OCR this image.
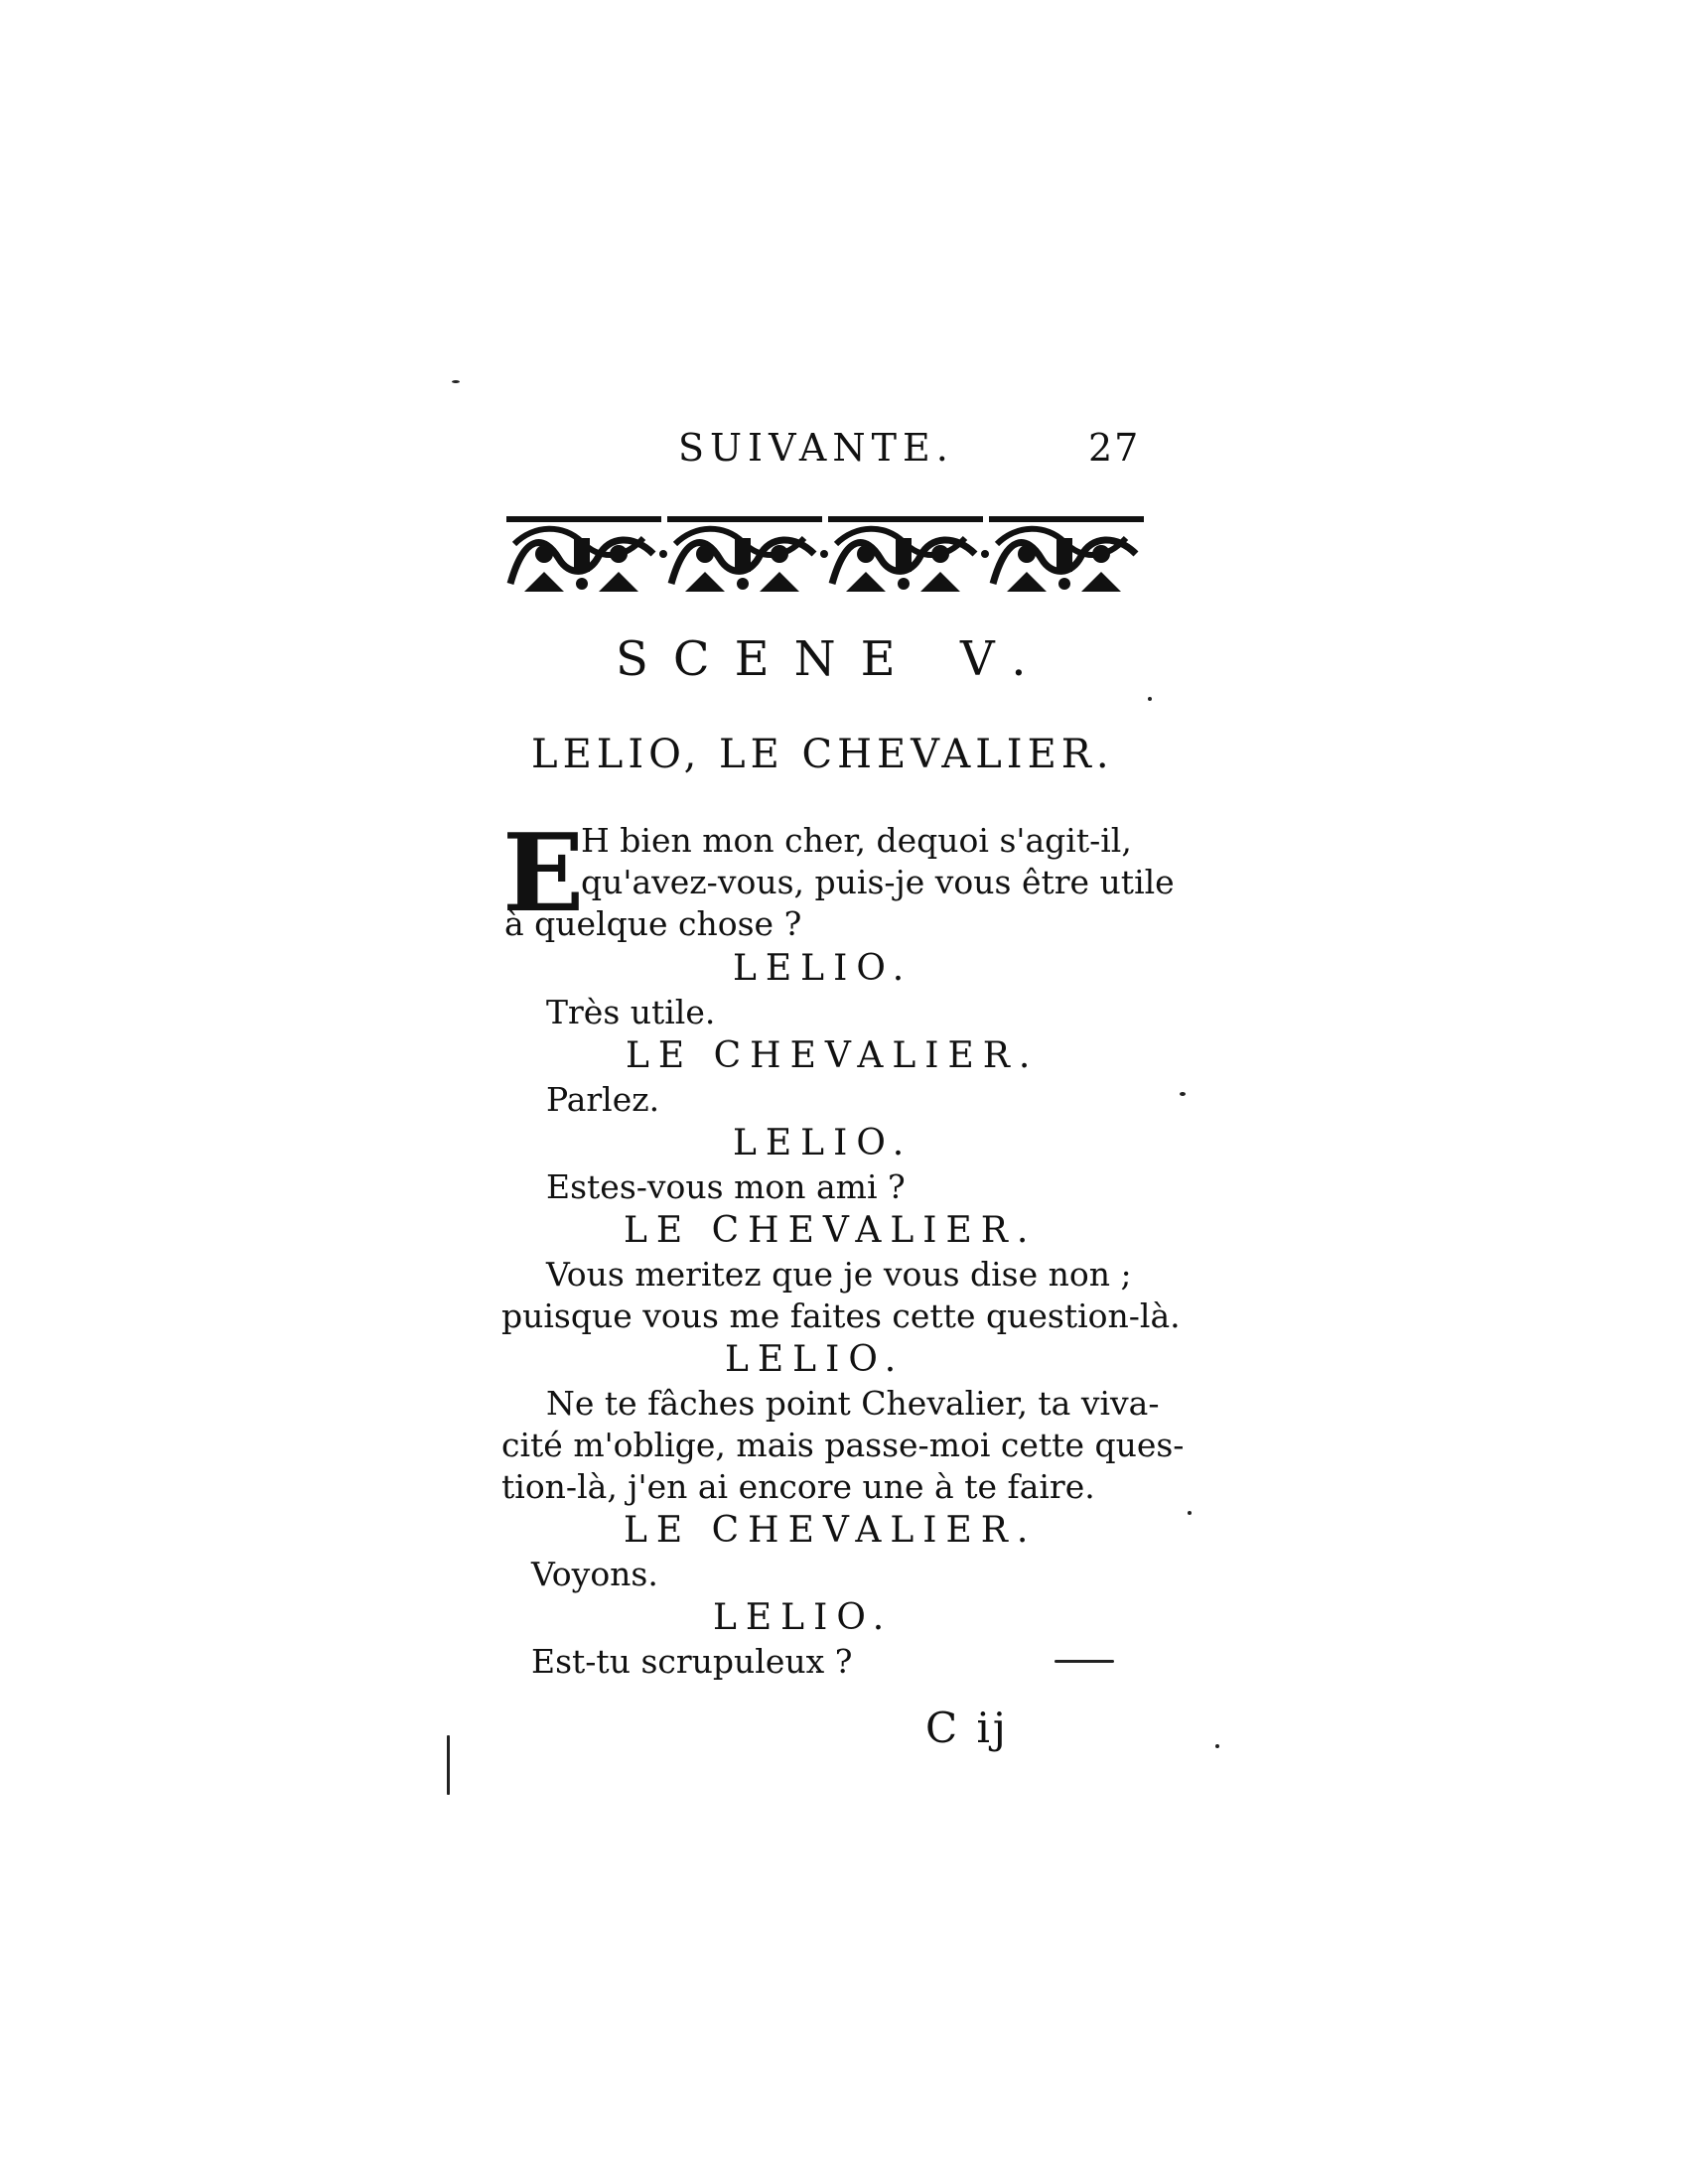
SUIVANTE.	27
SCENE V.
LELIO, LE CHEVALIER.
E
H bien mon cher, dequoi s'agit-il,
qu'avez-vous, puis-je vous être utile
à quelque chose ?
LELIO.
Très utile.
LE CHEVALIER.
Parlez.
LELIO.
Estes-vous mon ami ?
LE CHEVALIER.
Vous meritez que je vous dise non ;
puisque vous me faites cette question-là.
LELIO.
Ne te fâches point Chevalier, ta viva-
cité m'oblige, mais passe-moi cette ques-
tion-là, j'en ai encore une à te faire.
LE CHEVALIER.
Voyons.
LELIO.
Est-tu scrupuleux ?
C ij
